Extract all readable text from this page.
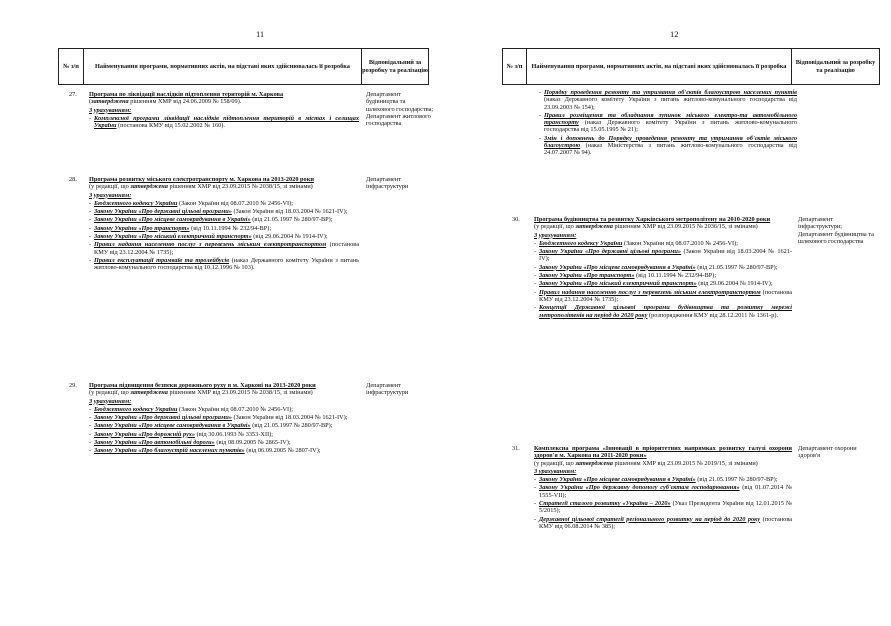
11
№ з/п	Найменування програми, нормативних актів, на підставі яких здійснювалась її розробка
Відповідальний за розробку та реалізацію
27. Програма по ліквідації наслідків підтоплення територій м. Харкова
(затверджена рішенням ХМР від 24.06.2009 № 158/09).
З урахуванням:
- Комплексної програми ліквідації наслідків підтоплення територій в містах і селищах України (постанова КМУ від 15.02.2002 № 160).
Департамент будівництва та шляхового господарства; Департамент житлового господарства
28. Програма розвитку міського електротранспорту м. Харкова на 2013-2020 роки
(у редакції, що затверджена рішенням ХМР від 23.09.2015 № 2038/15, зі змінами)
З урахуванням:
- Бюджетного кодексу України (Закон України від 08.07.2010 № 2456-VI);
- Закону України «Про державні цільові програми» (Закон України від 18.03.2004 № 1621-IV);
- Закону України «Про місцеве самоврядування в Україні» (від 21.05.1997 № 280/97-ВР);
- Закону України «Про транспорт» (від 10.11.1994 № 232/94-ВР);
- Закону України «Про міський електричний транспорт» (від 29.06.2004 № 1914-IV);
- Правил надання населенню послуг з перевезень міським електротранспортом (постанова КМУ від 23.12.2004 № 1735);
- Правил експлуатації трамваїв та тролейбусів (наказ Державного комітету України з питань житлово-комунального господарства від 10.12.1996 № 103).
Департамент інфраструктури
29. Програма підвищення безпеки дорожнього руху в м. Харкові на 2013-2020 роки
(у редакції, що затверджена рішенням ХМР від 23.09.2015 № 2038/15, зі змінами)
З урахуванням:
- Бюджетного кодексу України (Закон України від 08.07.2010 № 2456-VI);
- Закону України «Про державні цільові програми» (Закон України від 18.03.2004 № 1621-IV);
- Закону України «Про місцеве самоврядування в Україні» (від 21.05.1997 № 280/97-ВР);
- Закону України «Про дорожній рух» (від 30.06.1993 № 3353-XII);
- Закону України «Про автомобільні дороги» (від 08.09.2005 № 2865-IV);
- Закону України «Про благоустрій населених пунктів» (від 06.09.2005 № 2807-IV);
Департамент інфраструктури
12
№ з/п	Найменування програми, нормативних актів, на підставі яких здійснювалась її розробка
Відповідальний за розробку та реалізацію
- Порядку проведення ремонту та утримання об'єктів благоустрою населених пунктів (наказ Державного комітету України з питань житлово-комунального господарства від 23.09.2003 № 154);
- Правил розміщення та обладнання зупинок міського електро-та автомобільного транспорту (наказ Державного комітету України з питань житлово-комунального господарства від 15.05.1995 № 21);
- Змін і доповнень до Порядку проведення ремонту та утримання об'єктів міського благоустрою (наказ Міністерства з питань житлово-комунального господарства від 24.07.2007 № 94).
30. Програма будівництва та розвитку Харківського метрополітену на 2010-2020 роки
(у редакції, що затверджена рішенням ХМР від 23.09.2015 № 2036/15, зі змінами)
З урахуванням:
- Бюджетного кодексу України (Закон України від 08.07.2010 № 2456-VI);
- Закону України «Про державні цільові програми» (Закон України від 18.03.2004 № 1621-IV);
- Закону України «Про місцеве самоврядування в Україні» (від 21.05.1997 № 280/97-ВР);
- Закону України «Про транспорт» (від 10.11.1994 № 232/94-ВР);
- Закону України «Про міський електричний транспорт» (від 29.06.2004 № 1914-IV);
- Правил надання населенню послуг з перевезень міським електротранспортом (постанова КМУ від 23.12.2004 № 1735);
- Концепції Державної цільової програми будівництва та розвитку мережі метрополітенів на період до 2020 року (розпорядження КМУ від 28.12.2011 № 1361-р).
Департамент інфраструктури; Департамент будівництва та шляхового господарства
31. Комплексна програма «Інновації в пріоритетних напрямках розвитку галузі охорони здоров'я м. Харкова на 2011-2020 роки»
(у редакції, що затверджена рішенням ХМР від 23.09.2015 № 2019/15, зі змінами)
З урахуванням:
- Закону України «Про місцеве самоврядування в Україні» (від 21.05.1997 № 280/97-ВР);
- Закону України «Про державну допомогу суб'єктам господарювання» (від 01.07.2014 № 1555-VII);
- Стратегії сталого розвитку «Україна – 2020» (Указ Президента України від 12.01.2015 № 5/2015);
- Державної цільової стратегії регіонального розвитку на період до 2020 року (постанова КМУ від 06.08.2014 № 385);
Департамент охорони здоров'я
